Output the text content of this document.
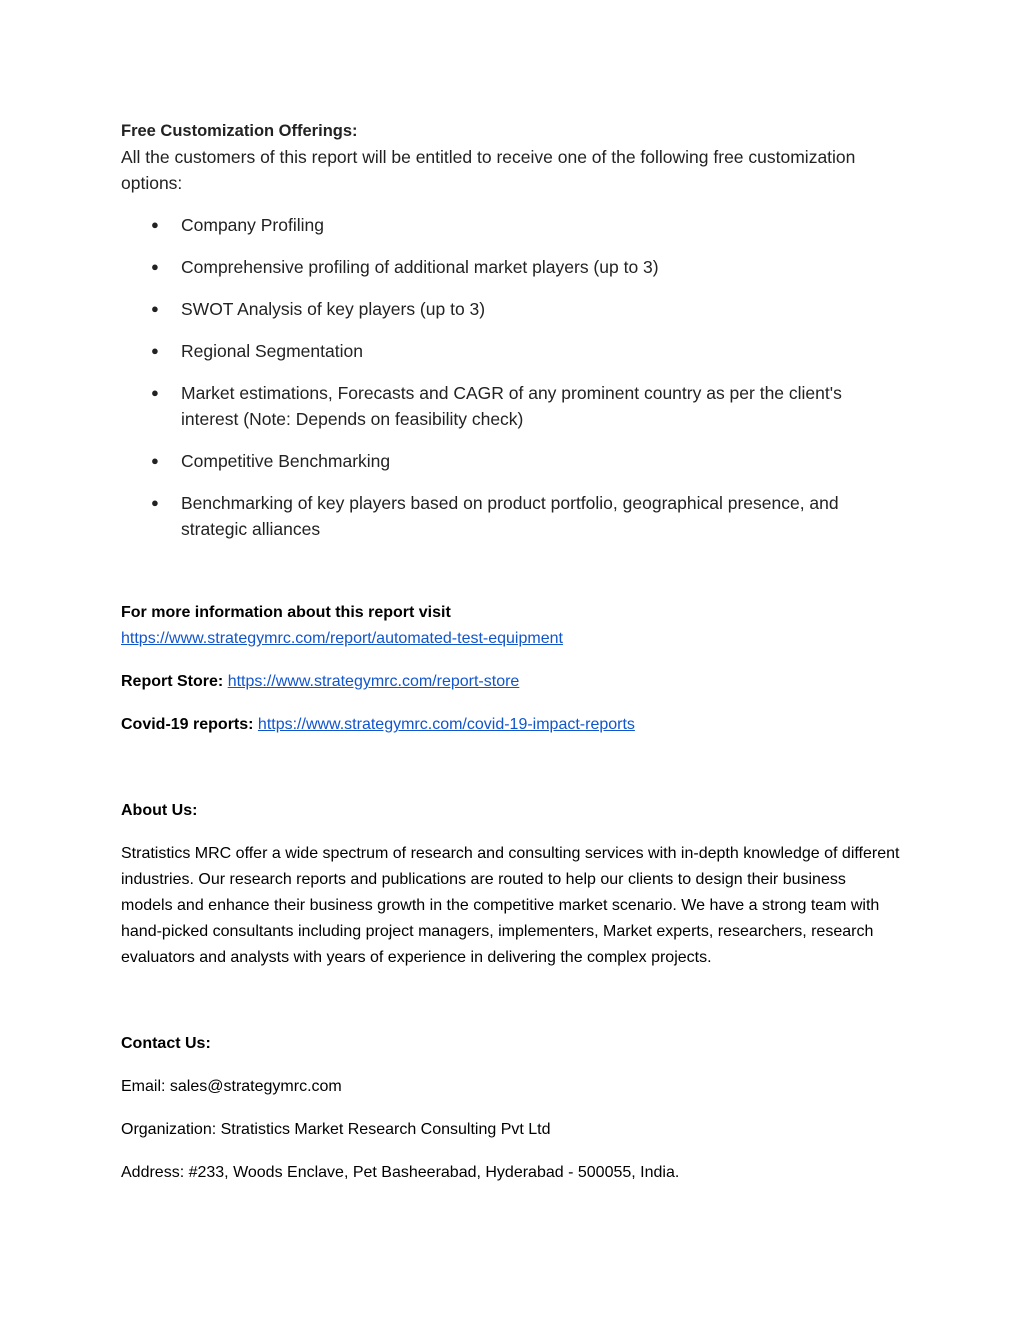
Free Customization Offerings:
All the customers of this report will be entitled to receive one of the following free customization options:
● Company Profiling
● Comprehensive profiling of additional market players (up to 3)
● SWOT Analysis of key players (up to 3)
● Regional Segmentation
● Market estimations, Forecasts and CAGR of any prominent country as per the client's interest (Note: Depends on feasibility check)
● Competitive Benchmarking
● Benchmarking of key players based on product portfolio, geographical presence, and strategic alliances
For more information about this report visit
https://www.strategymrc.com/report/automated-test-equipment
Report Store: https://www.strategymrc.com/report-store
Covid-19 reports: https://www.strategymrc.com/covid-19-impact-reports
About Us:
Stratistics MRC offer a wide spectrum of research and consulting services with in-depth knowledge of different industries. Our research reports and publications are routed to help our clients to design their business models and enhance their business growth in the competitive market scenario. We have a strong team with hand-picked consultants including project managers, implementers, Market experts, researchers, research evaluators and analysts with years of experience in delivering the complex projects.
Contact Us:
Email: sales@strategymrc.com
Organization: Stratistics Market Research Consulting Pvt Ltd
Address: #233, Woods Enclave, Pet Basheerabad, Hyderabad - 500055, India.
